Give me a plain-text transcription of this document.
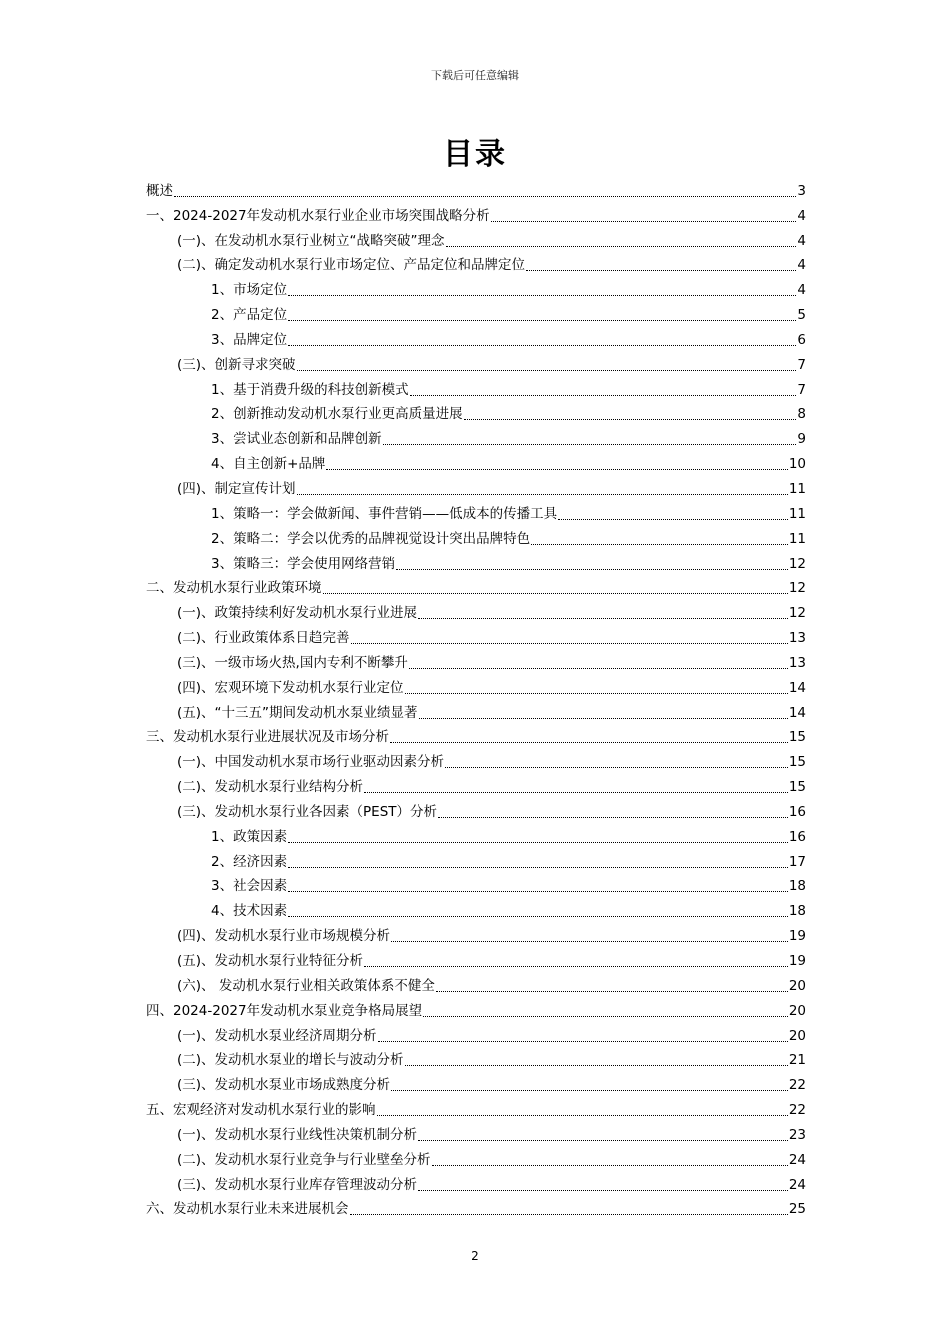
下载后可任意编辑
目录
概述	3
一、2024-2027年发动机水泵行业企业市场突围战略分析	4
(一)、在发动机水泵行业树立“战略突破”理念	4
(二)、确定发动机水泵行业市场定位、产品定位和品牌定位	4
1、市场定位	4
2、产品定位	5
3、品牌定位	6
(三)、创新寻求突破	7
1、基于消费升级的科技创新模式	7
2、创新推动发动机水泵行业更高质量进展	8
3、尝试业态创新和品牌创新	9
4、自主创新+品牌	10
(四)、制定宣传计划	11
1、策略一：学会做新闻、事件营销——低成本的传播工具	11
2、策略二：学会以优秀的品牌视觉设计突出品牌特色	11
3、策略三：学会使用网络营销	12
二、发动机水泵行业政策环境	12
(一)、政策持续利好发动机水泵行业进展	12
(二)、行业政策体系日趋完善	13
(三)、一级市场火热,国内专利不断攀升	13
(四)、宏观环境下发动机水泵行业定位	14
(五)、“十三五”期间发动机水泵业绩显著	14
三、发动机水泵行业进展状况及市场分析	15
(一)、中国发动机水泵市场行业驱动因素分析	15
(二)、发动机水泵行业结构分析	15
(三)、发动机水泵行业各因素（PEST）分析	16
1、政策因素	16
2、经济因素	17
3、社会因素	18
4、技术因素	18
(四)、发动机水泵行业市场规模分析	19
(五)、发动机水泵行业特征分析	19
(六)、 发动机水泵行业相关政策体系不健全	20
四、2024-2027年发动机水泵业竞争格局展望	20
(一)、发动机水泵业经济周期分析	20
(二)、发动机水泵业的增长与波动分析	21
(三)、发动机水泵业市场成熟度分析	22
五、宏观经济对发动机水泵行业的影响	22
(一)、发动机水泵行业线性决策机制分析	23
(二)、发动机水泵行业竞争与行业壁垒分析	24
(三)、发动机水泵行业库存管理波动分析	24
六、发动机水泵行业未来进展机会	25
2
